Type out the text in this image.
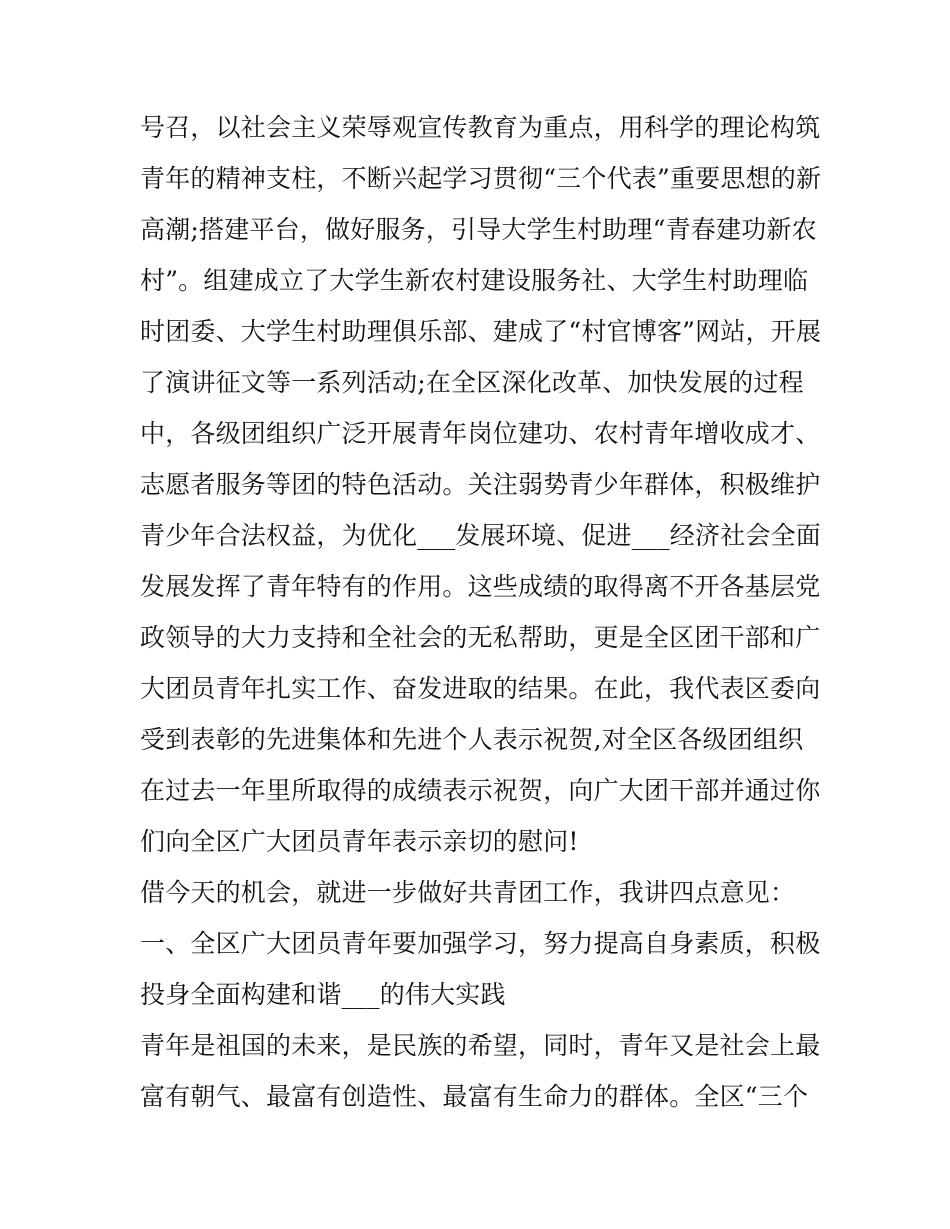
号召，以社会主义荣辱观宣传教育为重点，用科学的理论构筑
青年的精神支柱，不断兴起学习贯彻“三个代表”重要思想的新
高潮;搭建平台，做好服务，引导大学生村助理“青春建功新农
村”。组建成立了大学生新农村建设服务社、大学生村助理临
时团委、大学生村助理俱乐部、建成了“村官博客”网站，开展
了演讲征文等一系列活动;在全区深化改革、加快发展的过程
中，各级团组织广泛开展青年岗位建功、农村青年增收成才、
志愿者服务等团的特色活动。关注弱势青少年群体，积极维护
青少年合法权益，为优化___发展环境、促进___经济社会全面
发展发挥了青年特有的作用。这些成绩的取得离不开各基层党
政领导的大力支持和全社会的无私帮助，更是全区团干部和广
大团员青年扎实工作、奋发进取的结果。在此，我代表区委向
受到表彰的先进集体和先进个人表示祝贺,对全区各级团组织
在过去一年里所取得的成绩表示祝贺，向广大团干部并通过你
们向全区广大团员青年表示亲切的慰问!
借今天的机会，就进一步做好共青团工作，我讲四点意见：
一、全区广大团员青年要加强学习，努力提高自身素质，积极
投身全面构建和谐___的伟大实践
青年是祖国的未来，是民族的希望，同时，青年又是社会上最
富有朝气、最富有创造性、最富有生命力的群体。全区“三个
